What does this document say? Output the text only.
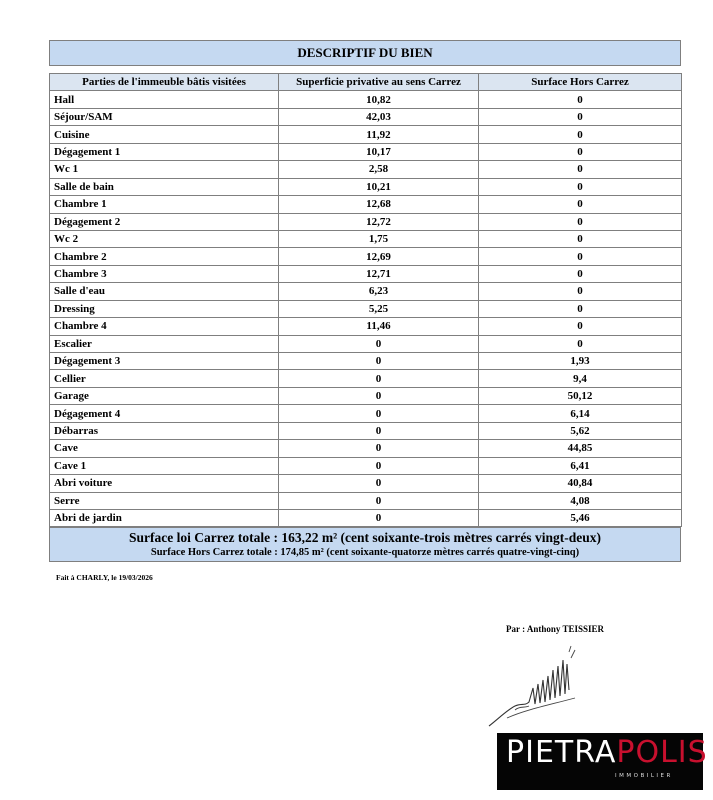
DESCRIPTIF DU BIEN
Parties de l'immeuble bâtis visitées	Superficie privative au sens Carrez	Surface Hors Carrez
Hall	10,82	0
Séjour/SAM	42,03	0
Cuisine	11,92	0
Dégagement 1	10,17	0
Wc 1	2,58	0
Salle de bain	10,21	0
Chambre 1	12,68	0
Dégagement 2	12,72	0
Wc 2	1,75	0
Chambre 2	12,69	0
Chambre 3	12,71	0
Salle d'eau	6,23	0
Dressing	5,25	0
Chambre 4	11,46	0
Escalier	0	0
Dégagement 3	0	1,93
Cellier	0	9,4
Garage	0	50,12
Dégagement 4	0	6,14
Débarras	0	5,62
Cave	0	44,85
Cave 1	0	6,41
Abri voiture	0	40,84
Serre	0	4,08
Abri de jardin	0	5,46
Surface loi Carrez totale : 163,22 m² (cent soixante-trois mètres carrés vingt-deux)
Surface Hors Carrez totale : 174,85 m² (cent soixante-quatorze mètres carrés quatre-vingt-cinq)
Fait à CHARLY, le 19/03/2026
Par : Anthony TEISSIER
PIETRAPOLIS
IMMOBILIER
